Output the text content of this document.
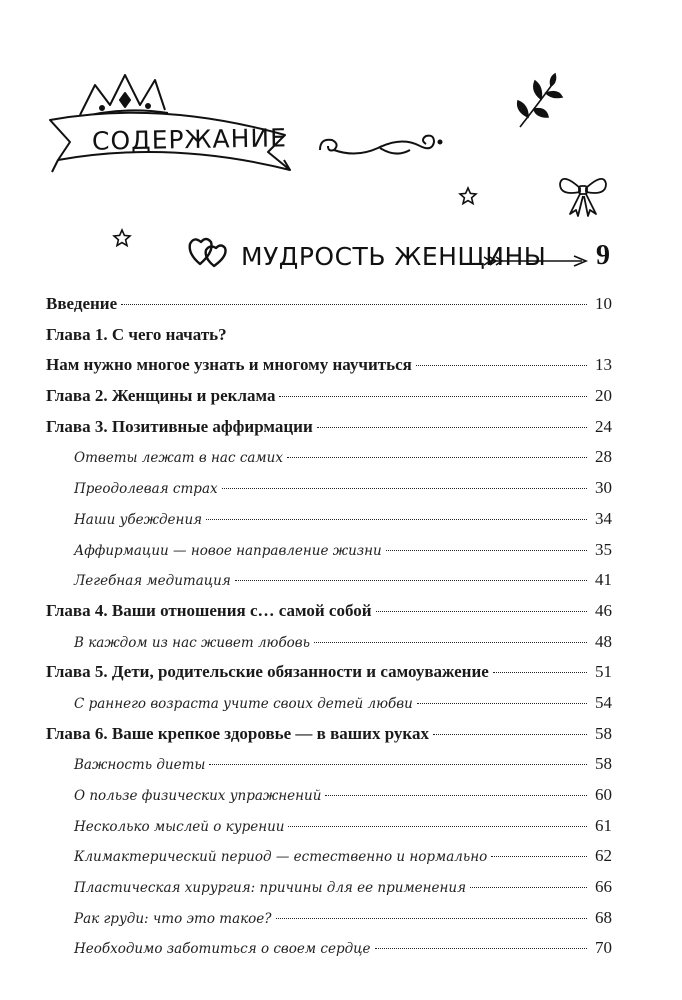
СОДЕРЖАНИЕ
МУДРОСТЬ ЖЕНЩИНЫ 9
Введение	10
Глава 1. С чего начать?
Нам нужно многое узнать и многому научиться	13
Глава 2. Женщины и реклама	20
Глава 3. Позитивные аффирмации	24
Ответы лежат в нас самих	28
Преодолевая страх	30
Наши убеждения	34
Аффирмации — новое направление жизни	35
Легебная медитация	41
Глава 4. Ваши отношения с… самой собой	46
В каждом из нас живет любовь	48
Глава 5. Дети, родительские обязанности и самоуважение	51
С раннего возраста учите своих детей любви	54
Глава 6. Ваше крепкое здоровье — в ваших руках	58
Важность диеты	58
О пользе физических упражнений	60
Несколько мыслей о курении	61
Климактерический период — естественно и нормально	62
Пластическая хирургия: причины для ее применения	66
Рак груди: что это такое?	68
Необходимо заботиться о своем сердце	70
